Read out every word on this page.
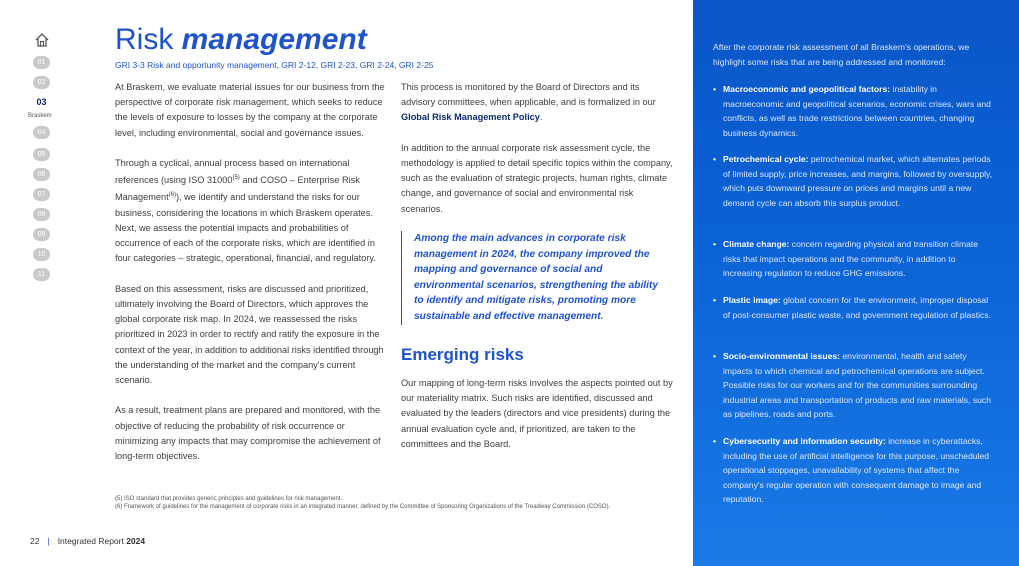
01
02
03
Braskem
04
05
06
07
08
09
10
11
Risk management
GRI 3-3 Risk and opportunity management, GRI 2-12, GRI 2-23, GRI 2-24, GRI 2-25

At Braskem, we evaluate material issues for our business from the perspective of corporate risk management, which seeks to reduce the levels of exposure to losses by the company at the corporate level, including environmental, social and governance issues.

Through a cyclical, annual process based on international references (using ISO 31000$^{(5)}$ and COSO – Enterprise Risk Management$^{(6)}$), we identify and understand the risks for our business, considering the locations in which Braskem operates. Next, we assess the potential impacts and probabilities of occurrence of each of the corporate risks, which are identified in four categories – strategic, operational, financial, and regulatory.

Based on this assessment, risks are discussed and prioritized, ultimately involving the Board of Directors, which approves the global corporate risk map. In 2024, we reassessed the risks prioritized in 2023 in order to rectify and ratify the exposure in the context of the year, in addition to additional risks identified through the understanding of the market and the company's current scenario.

As a result, treatment plans are prepared and monitored, with the objective of reducing the probability of risk occurrence or minimizing any impacts that may compromise the achievement of long-term objectives.

This process is monitored by the Board of Directors and its advisory committees, when applicable, and is formalized in our Global Risk Management Policy.

In addition to the annual corporate risk assessment cycle, the methodology is applied to detail specific topics within the company, such as the evaluation of strategic projects, human rights, climate change, and governance of social and environmental risk scenarios.

Among the main advances in corporate risk management in 2024, the company improved the mapping and governance of social and environmental scenarios, strengthening the ability to identify and mitigate risks, promoting more sustainable and effective management.
Emerging risks
Our mapping of long-term risks involves the aspects pointed out by our materiality matrix. Such risks are identified, discussed and evaluated by the leaders (directors and vice presidents) during the annual evaluation cycle and, if prioritized, are taken to the committees and the Board.
(5) ISO standard that provides generic principles and guidelines for risk management.
(6) Framework of guidelines for the management of corporate risks in an integrated manner, defined by the Committee of Sponsoring Organizations of the Treadway Commission (COSO).
22 | Integrated Report 2024
After the corporate risk assessment of all Braskem's operations, we highlight some risks that are being addressed and monitored:
• Macroeconomic and geopolitical factors: instability in macroeconomic and geopolitical scenarios, economic crises, wars and conflicts, as well as trade restrictions between countries, changing business dynamics.
• Petrochemical cycle: petrochemical market, which alternates periods of limited supply, price increases, and margins, followed by oversupply, which puts downward pressure on prices and margins until a new demand cycle can absorb this surplus product.
• Climate change: concern regarding physical and transition climate risks that impact operations and the community, in addition to increasing regulation to reduce GHG emissions.
• Plastic image: global concern for the environment, improper disposal of post-consumer plastic waste, and government regulation of plastics.
• Socio-environmental issues: environmental, health and safety impacts to which chemical and petrochemical operations are subject. Possible risks for our workers and for the communities surrounding industrial areas and transportation of products and raw materials, such as pipelines, roads and ports.
• Cybersecurity and information security: increase in cyberattacks, including the use of artificial intelligence for this purpose, unscheduled operational stoppages, unavailability of systems that affect the company's regular operation with consequent damage to image and reputation.
